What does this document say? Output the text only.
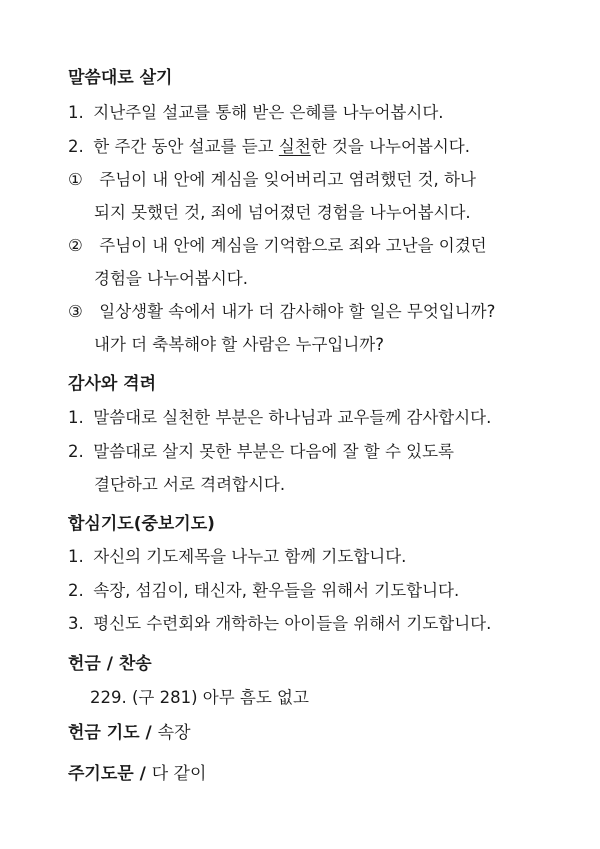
말씀대로 살기
1. 지난주일 설교를 통해 받은 은혜를 나누어봅시다.
2. 한 주간 동안 설교를 듣고 실천한 것을 나누어봅시다.
① 주님이 내 안에 계심을 잊어버리고 염려했던 것, 하나
되지 못했던 것, 죄에 넘어졌던 경험을 나누어봅시다.
② 주님이 내 안에 계심을 기억함으로 죄와 고난을 이겼던
경험을 나누어봅시다.
③ 일상생활 속에서 내가 더 감사해야 할 일은 무엇입니까?
내가 더 축복해야 할 사람은 누구입니까?
감사와 격려
1. 말씀대로 실천한 부분은 하나님과 교우들께 감사합시다.
2. 말씀대로 살지 못한 부분은 다음에 잘 할 수 있도록
결단하고 서로 격려합시다.
합심기도(중보기도)
1. 자신의 기도제목을 나누고 함께 기도합니다.
2. 속장, 섬김이, 태신자, 환우들을 위해서 기도합니다.
3. 평신도 수련회와 개학하는 아이들을 위해서 기도합니다.
헌금 / 찬송
229. (구 281) 아무 흠도 없고
헌금 기도 / 속장
주기도문 / 다 같이
